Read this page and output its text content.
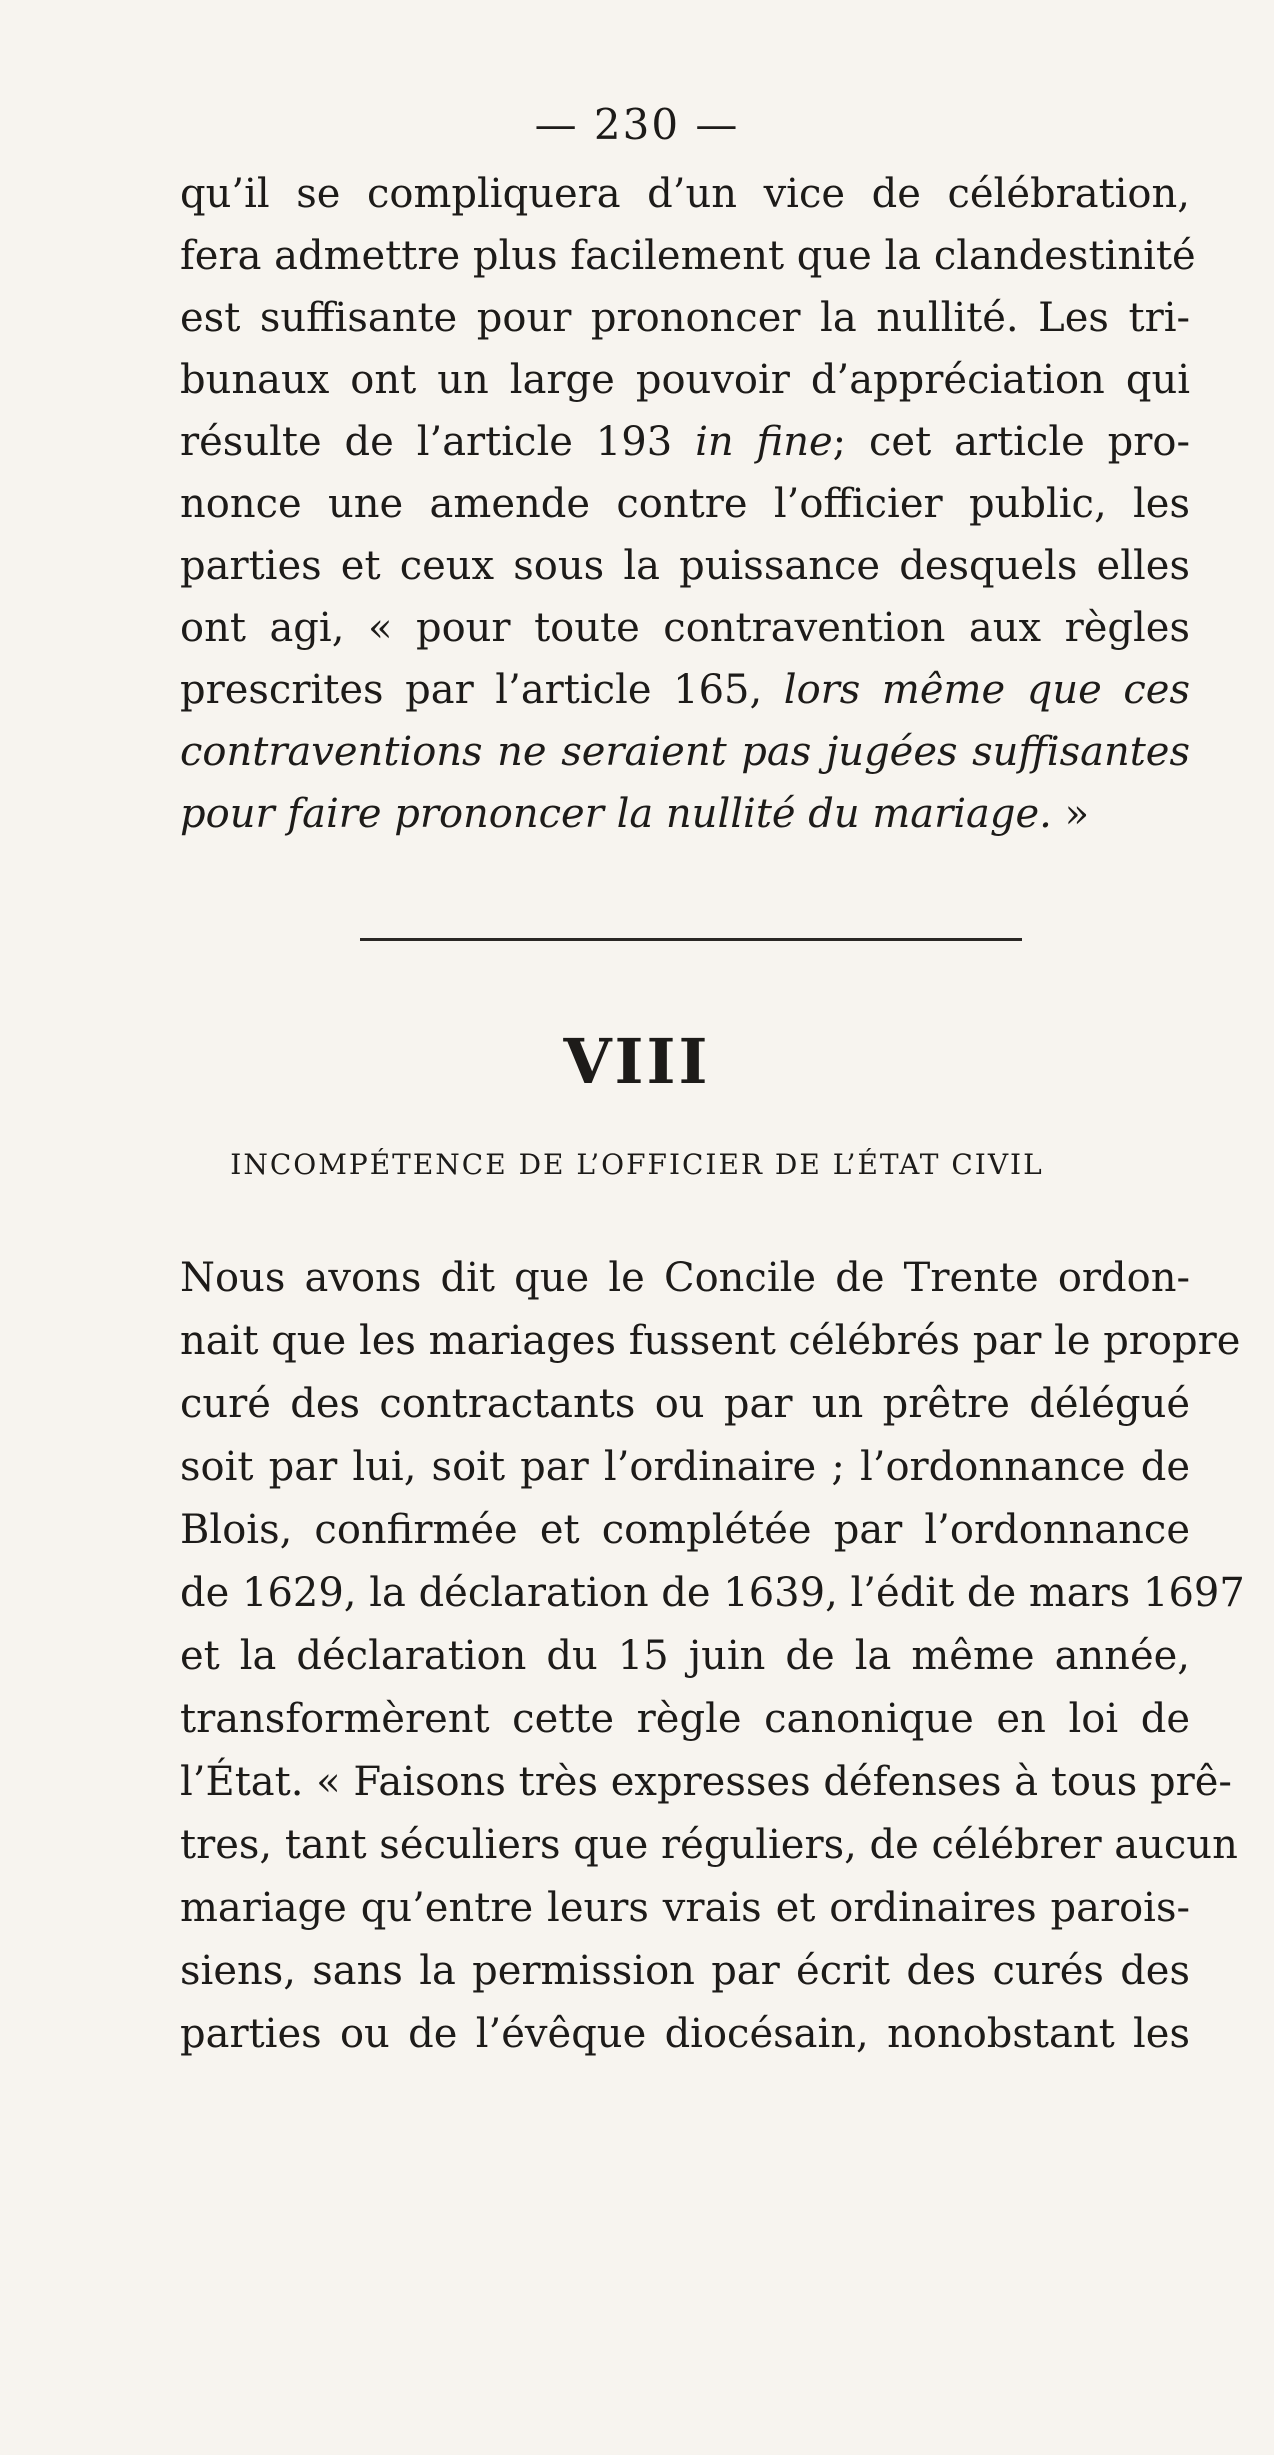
— 230 —
qu’il se compliquera d’un vice de célébration,
fera admettre plus facilement que la clandestinité
est suffisante pour prononcer la nullité. Les tri-
bunaux ont un large pouvoir d’appréciation qui
résulte de l’article 193 in fine; cet article pro-
nonce une amende contre l’officier public, les
parties et ceux sous la puissance desquels elles
ont agi, « pour toute contravention aux règles
prescrites par l’article 165, lors même que ces
contraventions ne seraient pas jugées suffisantes
pour faire prononcer la nullité du mariage. »
VIII
INCOMPÉTENCE DE L’OFFICIER DE L’ÉTAT CIVIL
Nous avons dit que le Concile de Trente ordon-
nait que les mariages fussent célébrés par le propre
curé des contractants ou par un prêtre délégué
soit par lui, soit par l’ordinaire ; l’ordonnance de
Blois, confirmée et complétée par l’ordonnance
de 1629, la déclaration de 1639, l’édit de mars 1697
et la déclaration du 15 juin de la même année,
transformèrent cette règle canonique en loi de
l’État. « Faisons très expresses défenses à tous prê-
tres, tant séculiers que réguliers, de célébrer aucun
mariage qu’entre leurs vrais et ordinaires parois-
siens, sans la permission par écrit des curés des
parties ou de l’évêque diocésain, nonobstant les
